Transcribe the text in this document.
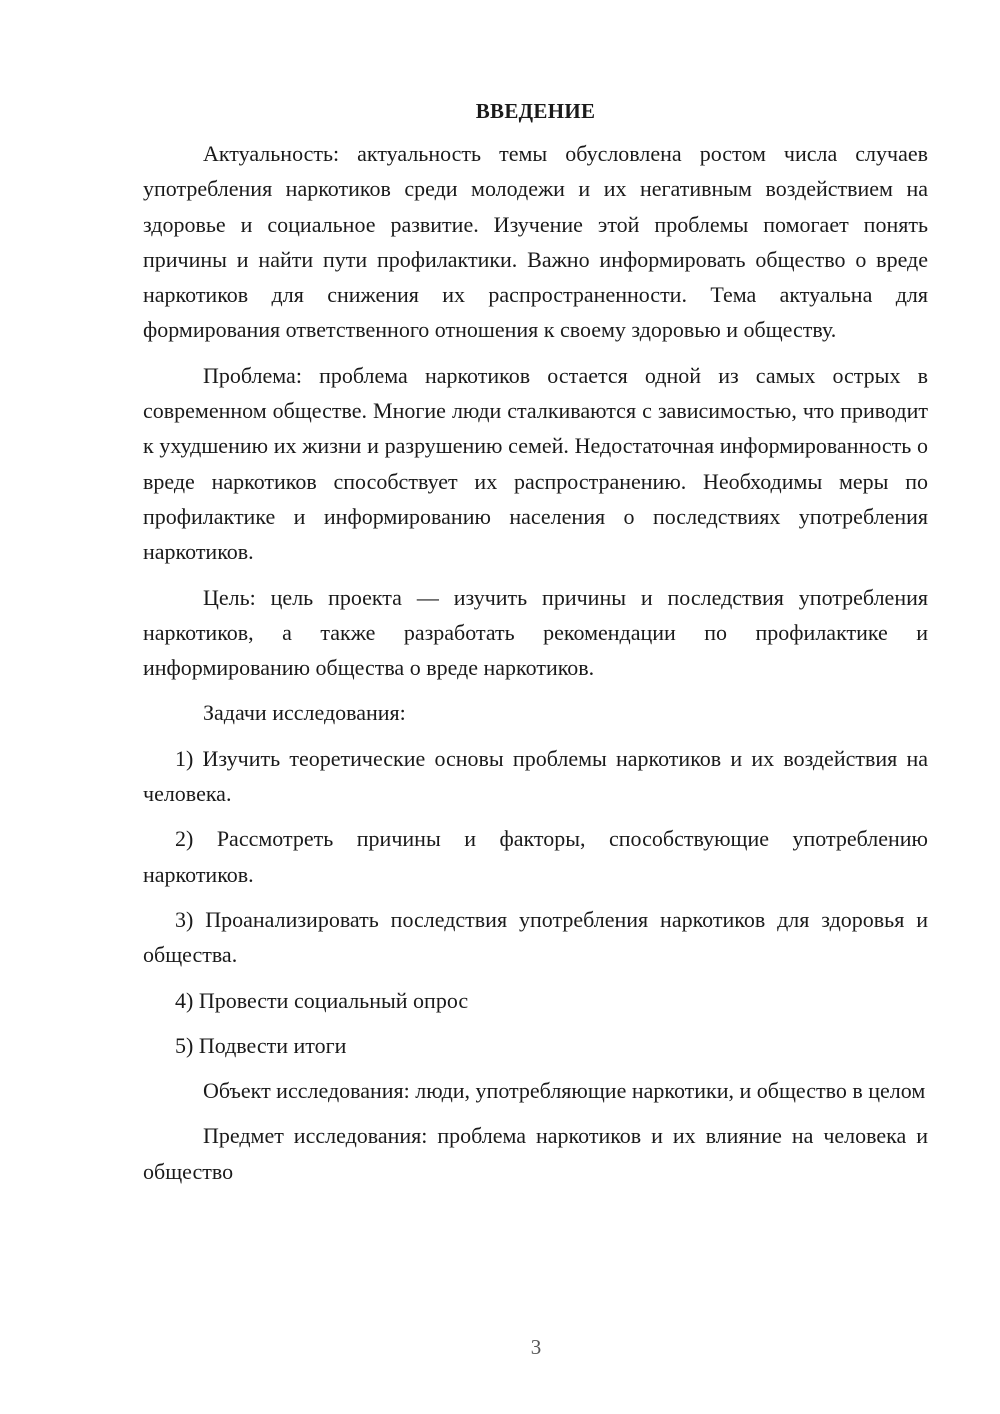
ВВЕДЕНИЕ

Актуальность: актуальность темы обусловлена ростом числа случаев употребления наркотиков среди молодежи и их негативным воздействием на здоровье и социальное развитие. Изучение этой проблемы помогает понять причины и найти пути профилактики. Важно информировать общество о вреде наркотиков для снижения их распространенности. Тема актуальна для формирования ответственного отношения к своему здоровью и обществу.

Проблема: проблема наркотиков остается одной из самых острых в современном обществе. Многие люди сталкиваются с зависимостью, что приводит к ухудшению их жизни и разрушению семей. Недостаточная информированность о вреде наркотиков способствует их распространению. Необходимы меры по профилактике и информированию населения о последствиях употребления наркотиков.

Цель: цель проекта — изучить причины и последствия употребления наркотиков, а также разработать рекомендации по профилактике и информированию общества о вреде наркотиков.

Задачи исследования:

1) Изучить теоретические основы проблемы наркотиков и их воздействия на человека.

2) Рассмотреть причины и факторы, способствующие употреблению наркотиков.

3) Проанализировать последствия употребления наркотиков для здоровья и общества.

4) Провести социальный опрос

5) Подвести итоги

Объект исследования: люди, употребляющие наркотики, и общество в целом

Предмет исследования: проблема наркотиков и их влияние на человека и общество

3
